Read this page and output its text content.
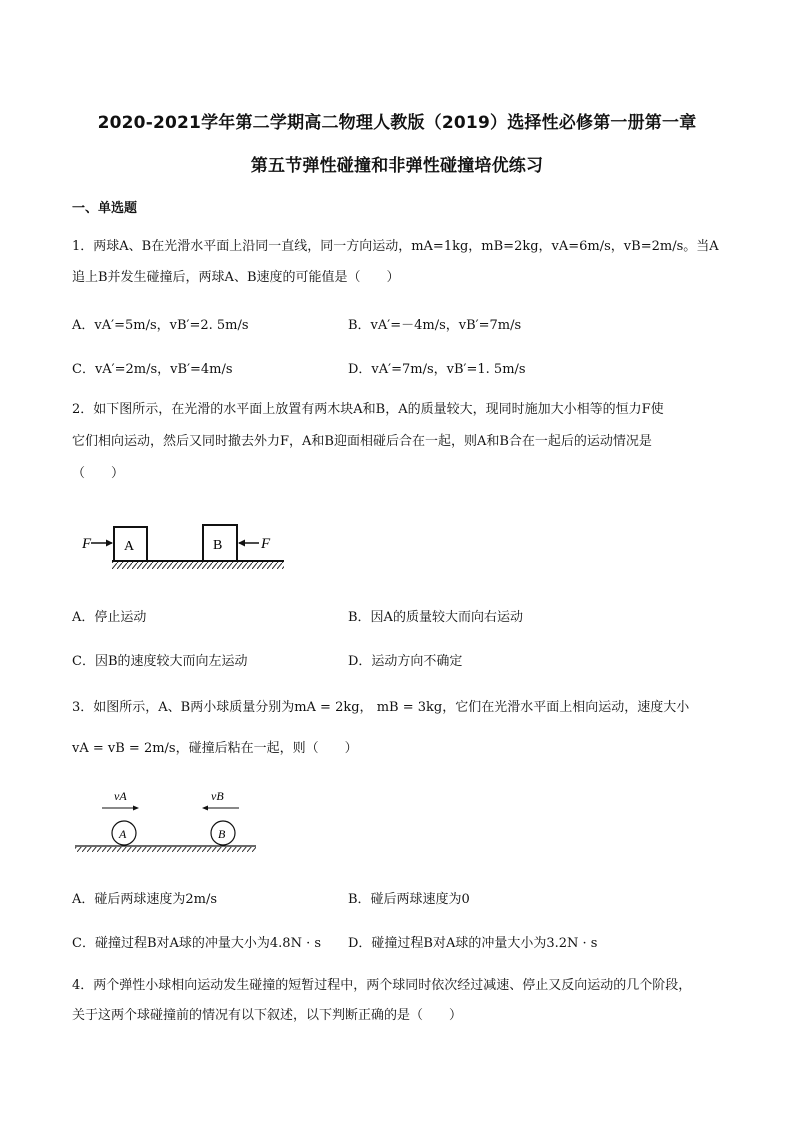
2020-2021学年第二学期高二物理人教版（2019）选择性必修第一册第一章
第五节弹性碰撞和非弹性碰撞培优练习
一、单选题
1．两球A、B在光滑水平面上沿同一直线，同一方向运动，mA=1kg，mB=2kg，vA=6m/s，vB=2m/s。当A
追上B并发生碰撞后，两球A、B速度的可能值是（　　）
A．vA′=5m/s，vB′=2. 5m/s	B．vA′=－4m/s，vB′=7m/s
C．vA′=2m/s，vB′=4m/s	D．vA′=7m/s，vB′=1. 5m/s
2．如下图所示，在光滑的水平面上放置有两木块A和B，A的质量较大，现同时施加大小相等的恒力F使
它们相向运动，然后又同时撤去外力F，A和B迎面相碰后合在一起，则A和B合在一起后的运动情况是
（　　）
A	B
F	F
A．停止运动	B．因A的质量较大而向右运动
C．因B的速度较大而向左运动	D．运动方向不确定
3．如图所示，A、B两小球质量分别为mA = 2kg， mB = 3kg，它们在光滑水平面上相向运动，速度大小
vA = vB = 2m/s，碰撞后粘在一起，则（　　）
vA	vB
A	B
A．碰后两球速度为2m/s	B．碰后两球速度为0
C．碰撞过程B对A球的冲量大小为4.8N · s D．碰撞过程B对A球的冲量大小为3.2N · s
4．两个弹性小球相向运动发生碰撞的短暂过程中，两个球同时依次经过减速、停止又反向运动的几个阶段，
关于这两个球碰撞前的情况有以下叙述，以下判断正确的是（　　）
